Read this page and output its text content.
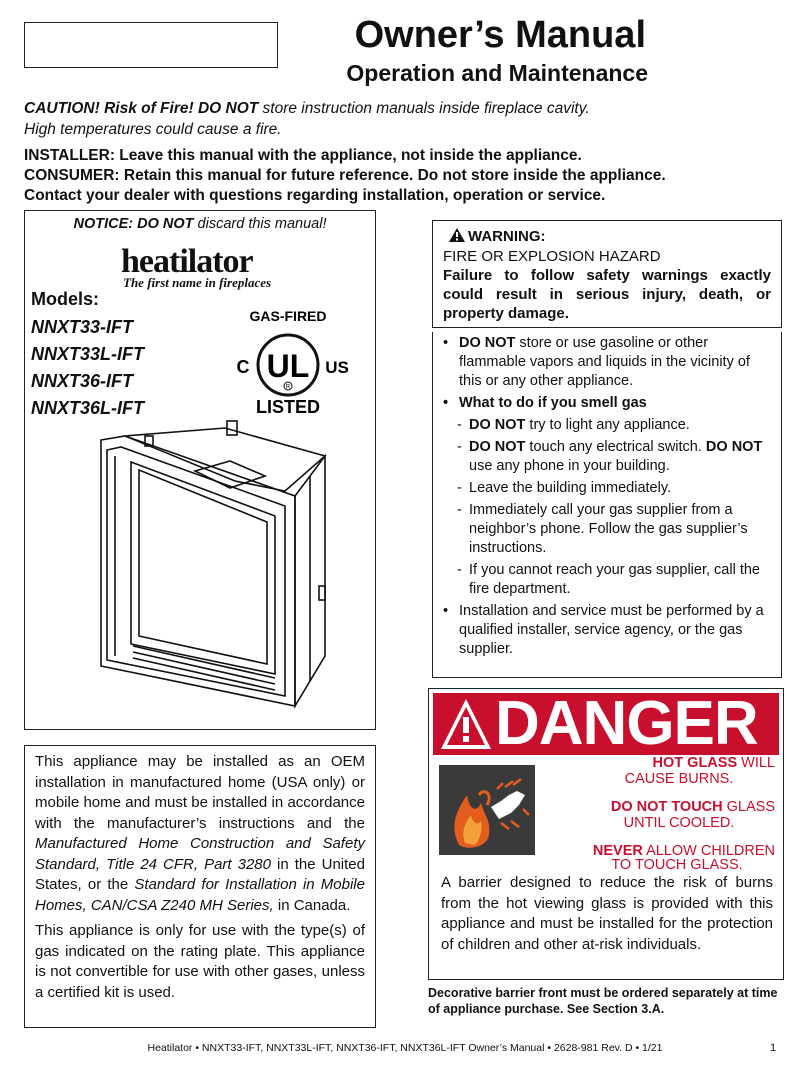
Owner’s Manual
Operation and Maintenance
CAUTION! Risk of Fire! DO NOT store instruction manuals inside fireplace cavity.
High temperatures could cause a fire.
INSTALLER: Leave this manual with the appliance, not inside the appliance.
CONSUMER: Retain this manual for future reference. Do not store inside the appliance.
Contact your dealer with questions regarding installation, operation or service.
NOTICE: DO NOT discard this manual!
heatilator
The first name in fireplaces
Models:
NNXT33-IFT
NNXT33L-IFT
NNXT36-IFT
NNXT36L-IFT
GAS-FIRED
UL
C	US
R
LISTED

This appliance may be installed as an OEM installation in manufactured home (USA only) or mobile home and must be installed in accordance with the manufacturer’s instructions and the Manufactured Home Construction and Safety Standard, Title 24 CFR, Part 3280 in the United States, or the Standard for Installation in Mobile Homes, CAN/CSA Z240 MH Series, in Canada.

This appliance is only for use with the type(s) of gas indicated on the rating plate. This appliance is not convertible for use with other gases, unless a certified kit is used.

WARNING:
FIRE OR EXPLOSION HAZARD
Failure to follow safety warnings exactly could result in serious injury, death, or property damage.
• DO NOT store or use gasoline or other flammable vapors and liquids in the vicinity of this or any other appliance.
• What to do if you smell gas
- DO NOT try to light any appliance.
- DO NOT touch any electrical switch. DO NOT use any phone in your building.
- Leave the building immediately.
- Immediately call your gas supplier from a neighbor’s phone. Follow the gas supplier’s instructions.
- If you cannot reach your gas supplier, call the fire department.
• Installation and service must be performed by a qualified installer, service agency, or the gas supplier.
DANGER
HOT GLASS WILL
CAUSE BURNS.
DO NOT TOUCH GLASS
UNTIL COOLED.
NEVER ALLOW CHILDREN
TO TOUCH GLASS.
A barrier designed to reduce the risk of burns from the hot viewing glass is provided with this appliance and must be installed for the protection of children and other at-risk individuals.
Decorative barrier front must be ordered separately at time of appliance purchase. See Section 3.A.
Heatilator • NNXT33-IFT, NNXT33L-IFT, NNXT36-IFT, NNXT36L-IFT Owner’s Manual • 2628-981 Rev. D • 1/21	1
